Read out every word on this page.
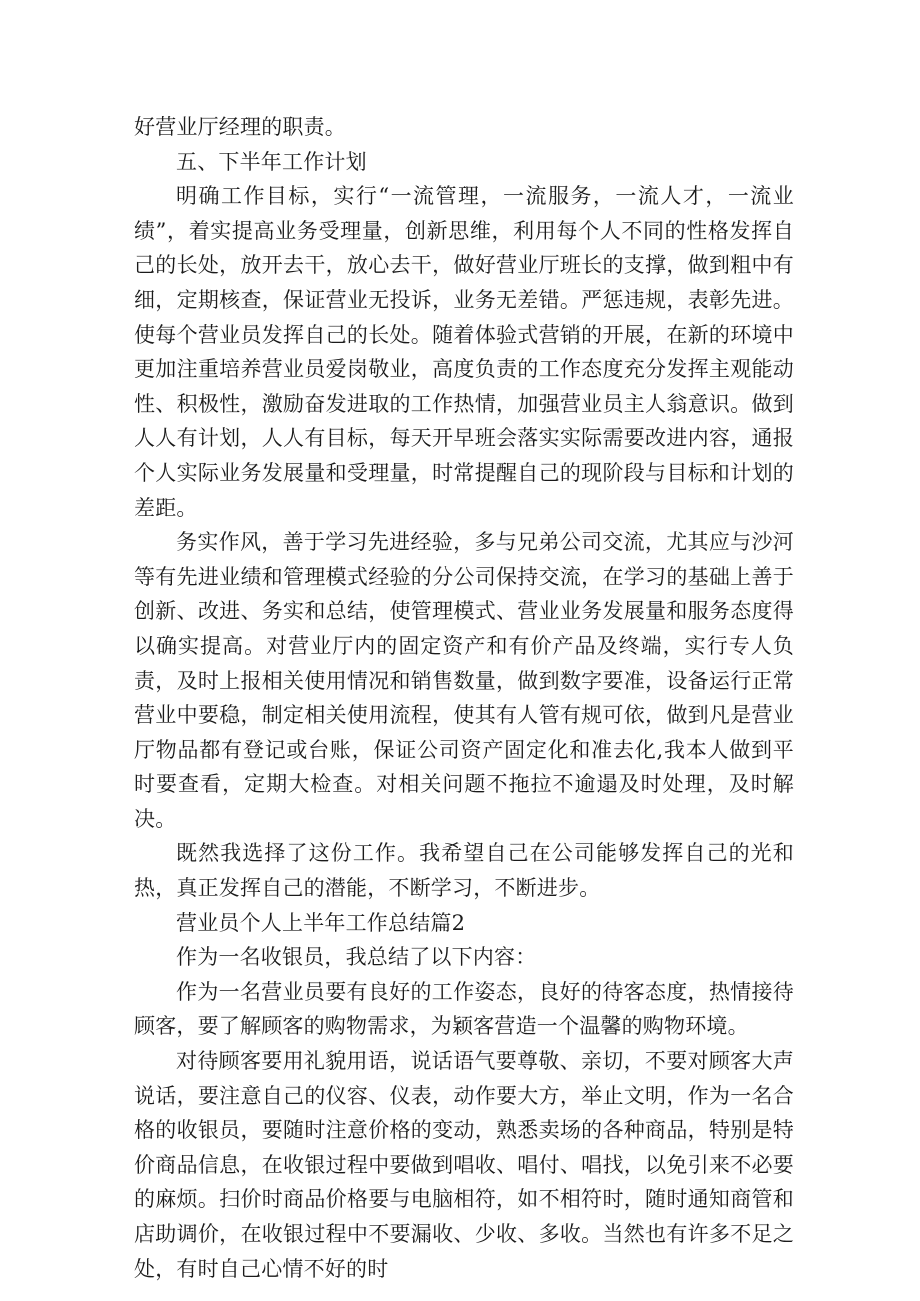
好营业厅经理的职责。

五、下半年工作计划

明确工作目标，实行“一流管理，一流服务，一流人才，一流业绩”，着实提高业务受理量，创新思维，利用每个人不同的性格发挥自己的长处，放开去干，放心去干，做好营业厅班长的支撑，做到粗中有细，定期核查，保证营业无投诉，业务无差错。严惩违规，表彰先进。使每个营业员发挥自己的长处。随着体验式营销的开展，在新的环境中更加注重培养营业员爱岗敬业，高度负责的工作态度充分发挥主观能动性、积极性，激励奋发进取的工作热情，加强营业员主人翁意识。做到人人有计划，人人有目标，每天开早班会落实实际需要改进内容，通报个人实际业务发展量和受理量，时常提醒自己的现阶段与目标和计划的差距。

务实作风，善于学习先进经验，多与兄弟公司交流，尤其应与沙河等有先进业绩和管理模式经验的分公司保持交流，在学习的基础上善于创新、改进、务实和总结，使管理模式、营业业务发展量和服务态度得以确实提高。对营业厅内的固定资产和有价产品及终端，实行专人负责，及时上报相关使用情况和销售数量，做到数字要准，设备运行正常营业中要稳，制定相关使用流程，使其有人管有规可依，做到凡是营业厅物品都有登记或台账，保证公司资产固定化和准去化,我本人做到平时要查看，定期大检查。对相关问题不拖拉不逾遢及时处理，及时解决。

既然我选择了这份工作。我希望自己在公司能够发挥自己的光和热，真正发挥自己的潜能，不断学习，不断进步。

营业员个人上半年工作总结篇2

作为一名收银员，我总结了以下内容：

作为一名营业员要有良好的工作姿态，良好的待客态度，热情接待顾客，要了解顾客的购物需求，为颖客营造一个温馨的购物环境。

对待顾客要用礼貌用语，说话语气要尊敬、亲切，不要对顾客大声说话，要注意自己的仪容、仪表，动作要大方，举止文明，作为一名合格的收银员，要随时注意价格的变动，熟悉卖场的各种商品，特别是特价商品信息，在收银过程中要做到唱收、唱付、唱找，以免引来不必要的麻烦。扫价时商品价格要与电脑相符，如不相符时，随时通知商管和店助调价，在收银过程中不要漏收、少收、多收。当然也有许多不足之处，有时自己心情不好的时
